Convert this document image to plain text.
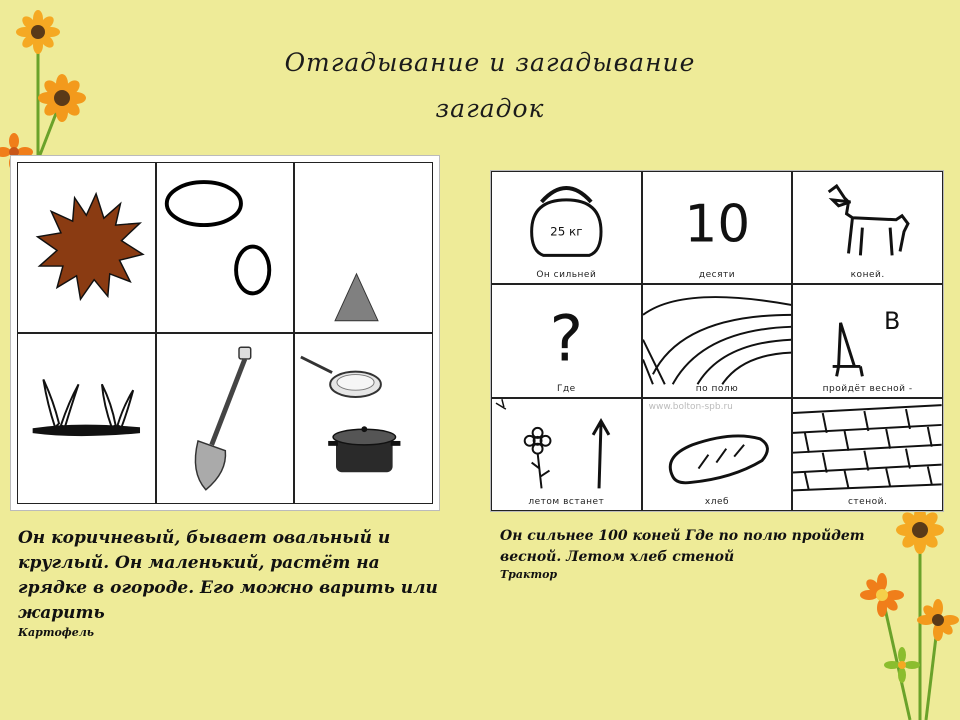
Отгадывание и загадывание
загадок
25 кг
Он сильней
10
десяти	коней.
?
Где	по полю
В
пройдёт весной -
летом встанет
www.bolton-spb.ru
хлеб	стеной.
Он коричневый, бывает овальный и круглый. Он маленький, растёт на грядке в огороде. Его можно варить или жарить
Картофель
Он сильнее 100 коней Где по полю пройдет весной. Летом хлеб стеной
Трактор
